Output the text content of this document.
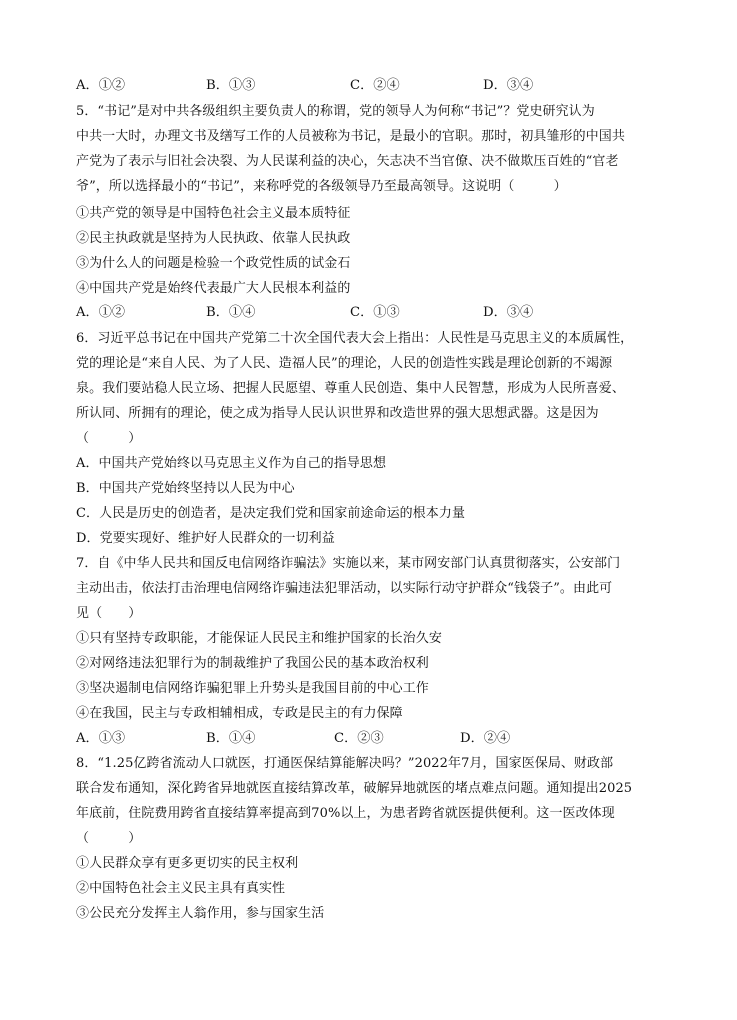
A．①②	B．①③	C．②④	D．③④
5．“书记”是对中共各级组织主要负责人的称谓，党的领导人为何称“书记”？党史研究认为
中共一大时，办理文书及缮写工作的人员被称为书记，是最小的官职。那时，初具雏形的中国共
产党为了表示与旧社会决裂、为人民谋利益的决心，矢志决不当官僚、决不做欺压百姓的“官老
爷”，所以选择最小的“书记”，来称呼党的各级领导乃至最高领导。这说明（　　　）
①共产党的领导是中国特色社会主义最本质特征
②民主执政就是坚持为人民执政、依靠人民执政
③为什么人的问题是检验一个政党性质的试金石
④中国共产党是始终代表最广大人民根本利益的
A．①②	B．①④	C．①③	D．③④
6．习近平总书记在中国共产党第二十次全国代表大会上指出：人民性是马克思主义的本质属性，
党的理论是“来自人民、为了人民、造福人民”的理论，人民的创造性实践是理论创新的不竭源
泉。我们要站稳人民立场、把握人民愿望、尊重人民创造、集中人民智慧，形成为人民所喜爱、
所认同、所拥有的理论，使之成为指导人民认识世界和改造世界的强大思想武器。这是因为
（　　　）
A．中国共产党始终以马克思主义作为自己的指导思想
B．中国共产党始终坚持以人民为中心
C．人民是历史的创造者，是决定我们党和国家前途命运的根本力量
D．党要实现好、维护好人民群众的一切利益
7．自《中华人民共和国反电信网络诈骗法》实施以来，某市网安部门认真贯彻落实，公安部门
主动出击，依法打击治理电信网络诈骗违法犯罪活动，以实际行动守护群众“钱袋子”。由此可
见（　　）
①只有坚持专政职能，才能保证人民民主和维护国家的长治久安
②对网络违法犯罪行为的制裁维护了我国公民的基本政治权利
③坚决遏制电信网络诈骗犯罪上升势头是我国目前的中心工作
④在我国，民主与专政相辅相成，专政是民主的有力保障
A．①③	B．①④	C．②③	D．②④
8．“1.25亿跨省流动人口就医，打通医保结算能解决吗？”2022年7月，国家医保局、财政部
联合发布通知，深化跨省异地就医直接结算改革，破解异地就医的堵点难点问题。通知提出2025
年底前，住院费用跨省直接结算率提高到70%以上，为患者跨省就医提供便利。这一医改体现
（　　　）
①人民群众享有更多更切实的民主权利
②中国特色社会主义民主具有真实性
③公民充分发挥主人翁作用，参与国家生活
